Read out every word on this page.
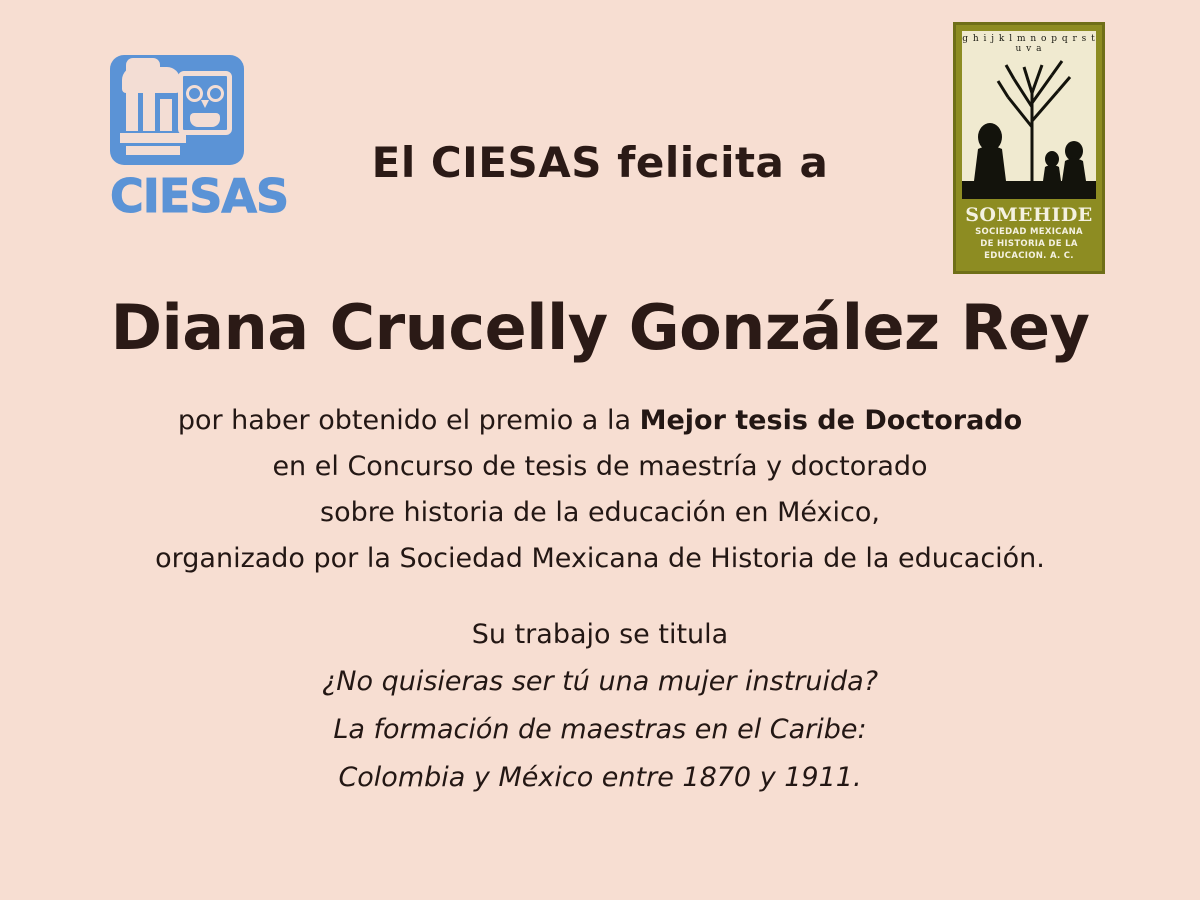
CIESAS
El CIESAS felicita a
g h i j k l m n o p q r s t u v a
SOMEHIDE
SOCIEDAD MEXICANA
DE HISTORIA DE LA
EDUCACION. A. C.
Diana Crucelly González Rey
por haber obtenido el premio a la Mejor tesis de Doctorado
en el Concurso de tesis de maestría y doctorado
sobre historia de la educación en México,
organizado por la Sociedad Mexicana de Historia de la educación.
Su trabajo se titula
¿No quisieras ser tú una mujer instruida?
La formación de maestras en el Caribe:
Colombia y México entre 1870 y 1911.
